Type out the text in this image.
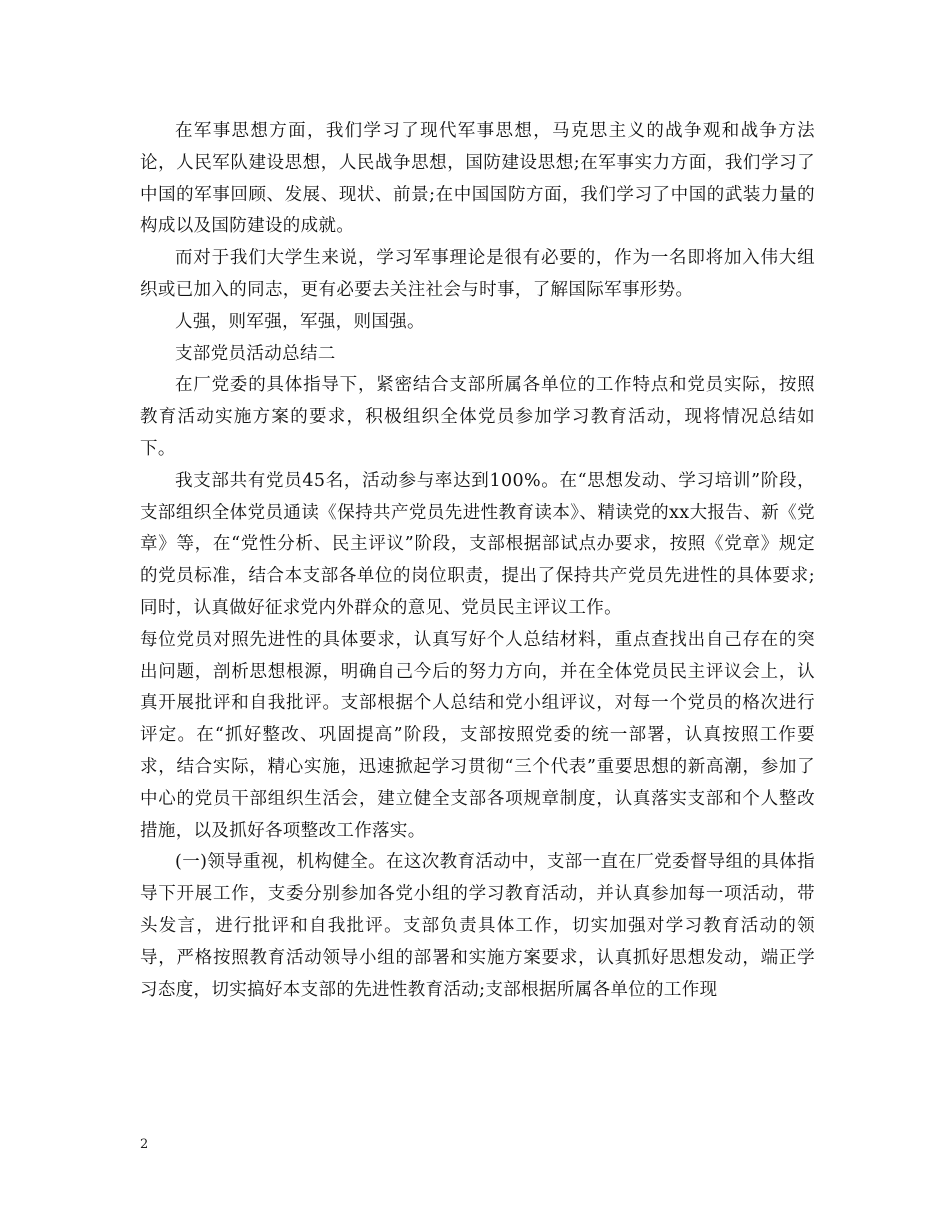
在军事思想方面，我们学习了现代军事思想，马克思主义的战争观和战争方法论，人民军队建设思想，人民战争思想，国防建设思想;在军事实力方面，我们学习了中国的军事回顾、发展、现状、前景;在中国国防方面，我们学习了中国的武装力量的构成以及国防建设的成就。

而对于我们大学生来说，学习军事理论是很有必要的，作为一名即将加入伟大组织或已加入的同志，更有必要去关注社会与时事，了解国际军事形势。

人强，则军强，军强，则国强。

支部党员活动总结二

在厂党委的具体指导下，紧密结合支部所属各单位的工作特点和党员实际，按照教育活动实施方案的要求，积极组织全体党员参加学习教育活动，现将情况总结如下。

我支部共有党员45名，活动参与率达到100%。在“思想发动、学习培训”阶段，支部组织全体党员通读《保持共产党员先进性教育读本》、精读党的xx大报告、新《党章》等，在“党性分析、民主评议”阶段，支部根据部试点办要求，按照《党章》规定的党员标准，结合本支部各单位的岗位职责，提出了保持共产党员先进性的具体要求;同时，认真做好征求党内外群众的意见、党员民主评议工作。

每位党员对照先进性的具体要求，认真写好个人总结材料，重点查找出自己存在的突出问题，剖析思想根源，明确自己今后的努力方向，并在全体党员民主评议会上，认真开展批评和自我批评。支部根据个人总结和党小组评议，对每一个党员的格次进行评定。在“抓好整改、巩固提高”阶段，支部按照党委的统一部署，认真按照工作要求，结合实际，精心实施，迅速掀起学习贯彻“三个代表”重要思想的新高潮，参加了中心的党员干部组织生活会，建立健全支部各项规章制度，认真落实支部和个人整改措施，以及抓好各项整改工作落实。

(一)领导重视，机构健全。在这次教育活动中，支部一直在厂党委督导组的具体指导下开展工作，支委分别参加各党小组的学习教育活动，并认真参加每一项活动，带头发言，进行批评和自我批评。支部负责具体工作，切实加强对学习教育活动的领导，严格按照教育活动领导小组的部署和实施方案要求，认真抓好思想发动，端正学习态度，切实搞好本支部的先进性教育活动;支部根据所属各单位的工作现

2
